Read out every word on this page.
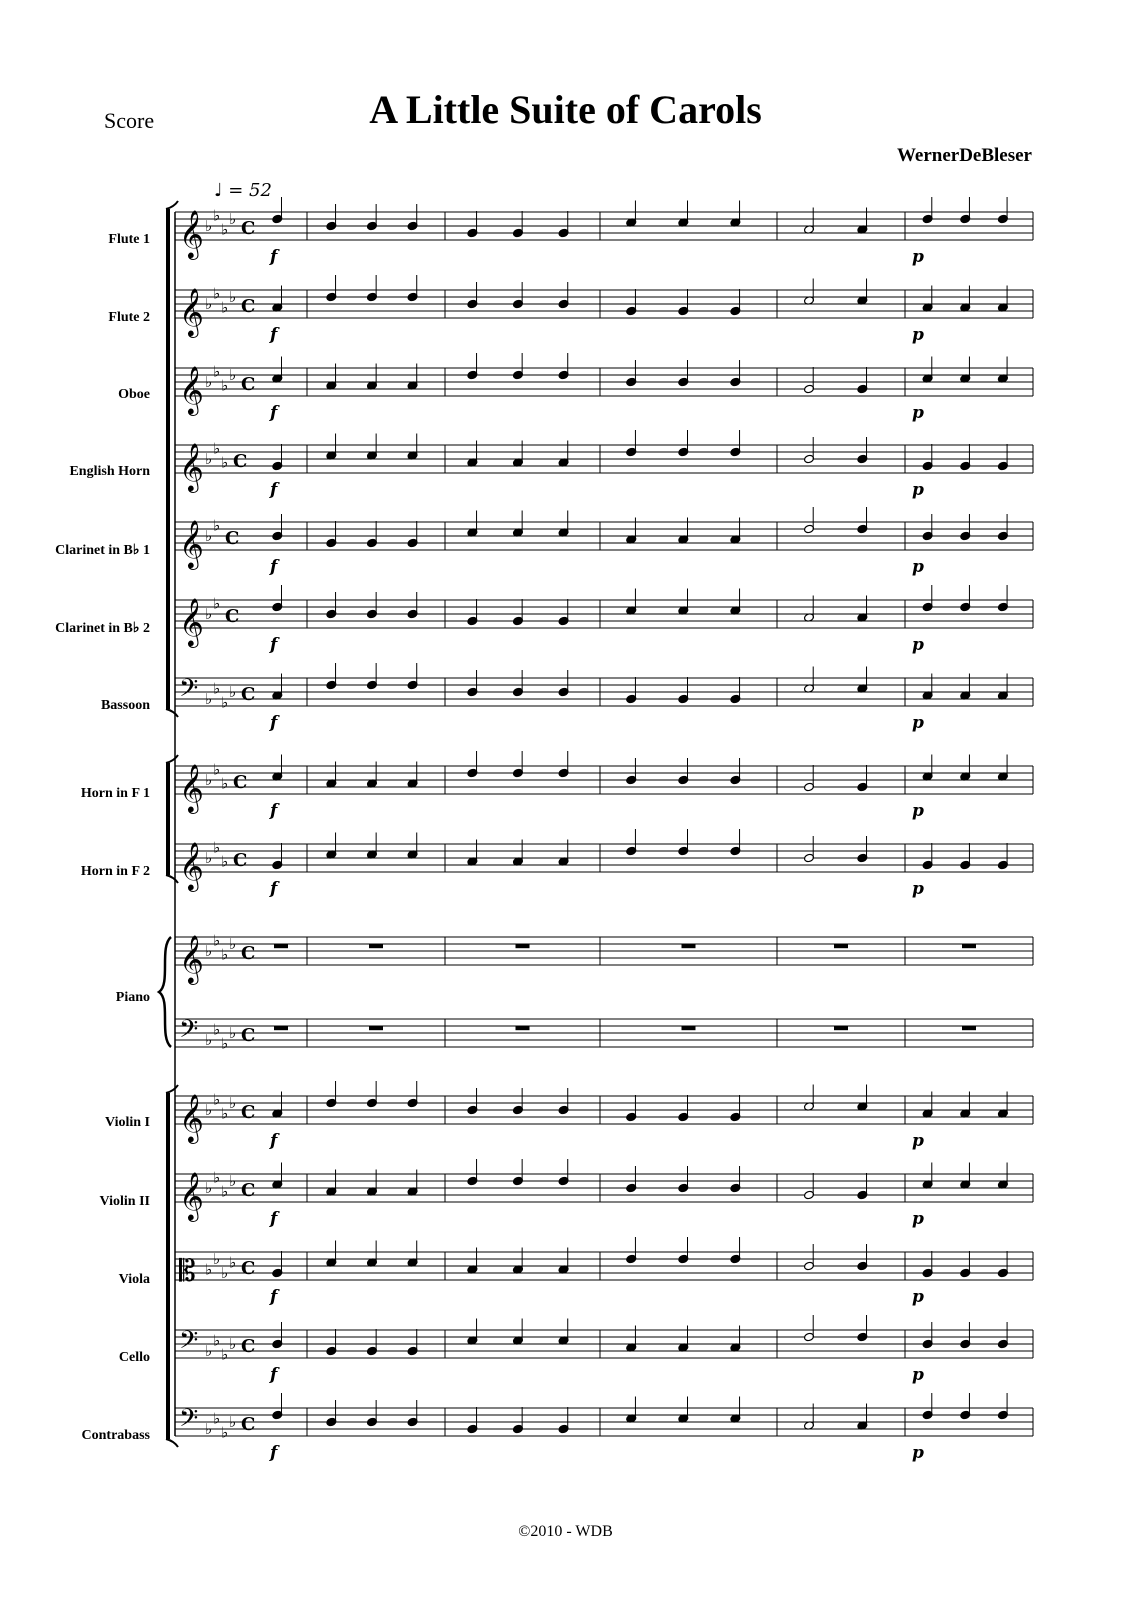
Score	A Little Suite of Carols
WernerDeBleser
Flute 1
Flute 2
Oboe
English Horn
Clarinet in B♭ 1
Clarinet in B♭ 2
Bassoon
Horn in F 1
Horn in F 2
Piano
Violin I
Violin II
Viola
Cello
Contrabass
♩ = 52
𝄞 ♭
♭
♭
♭ C
f	p
𝄞 ♭
♭
♭
♭ C
f	p
𝄞 ♭
♭
♭
♭ C
f	p
𝄞 ♭
♭
♭ C
f	p
𝄞 ♭
♭
C
f	p
𝄞 ♭
♭
C
f	p
𝄢 ♭
♭
♭
♭ C
f	p
𝄞 ♭
♭
♭ C
f	p
𝄞 ♭
♭
♭ C
f	p
𝄞 ♭
♭
♭
♭ C
𝄢 ♭
♭
♭
♭ C
𝄞 ♭
♭
♭
♭ C
f	p
𝄞 ♭
♭
♭
♭ C
f	p
𝄡 ♭
♭
♭
♭ C
f	p
𝄢 ♭
♭
♭
♭ C
f	p
𝄢 ♭
♭
♭
♭ C
f	p
©2010 - WDB
